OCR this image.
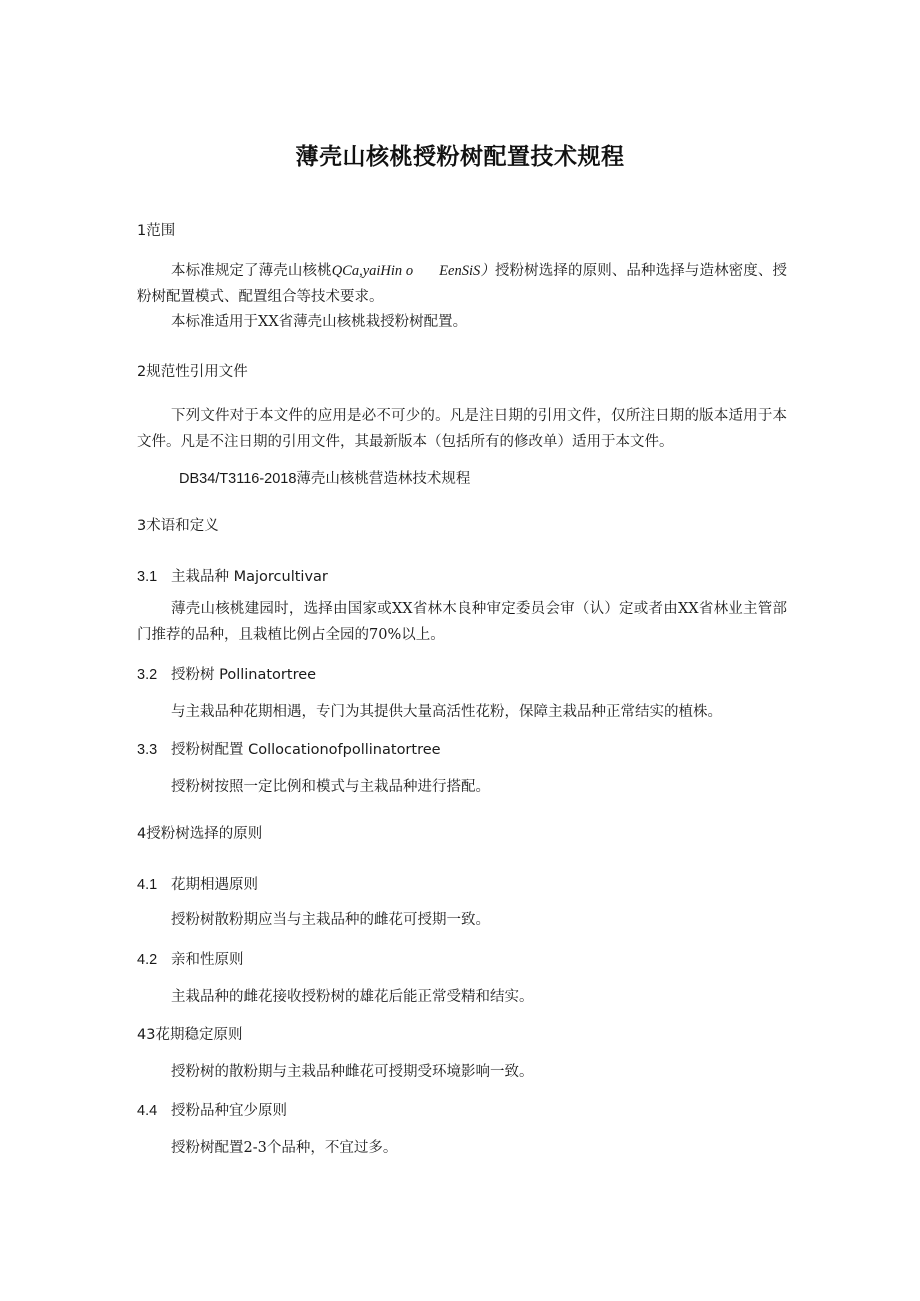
薄壳山核桃授粉树配置技术规程
1范围
本标准规定了薄壳山核桃QCa,yaiHin ο EenSiS）授粉树选择的原则、品种选择与造林密度、授粉树配置模式、配置组合等技术要求。
本标准适用于XX省薄壳山核桃栽授粉树配置。
2规范性引用文件
下列文件对于本文件的应用是必不可少的。凡是注日期的引用文件，仅所注日期的版本适用于本文件。凡是不注日期的引用文件，其最新版本（包括所有的修改单）适用于本文件。
DB34/T3116-2018薄壳山核桃营造林技术规程
3术语和定义
3.1 主栽品种 Majorcultivar
薄壳山核桃建园时，选择由国家或XX省林木良种审定委员会审（认）定或者由XX省林业主管部门推荐的品种，且栽植比例占全园的70%以上。
3.2 授粉树 Pollinatortree
与主栽品种花期相遇，专门为其提供大量高活性花粉，保障主栽品种正常结实的植株。
3.3 授粉树配置 Collocationofpollinatortree
授粉树按照一定比例和模式与主栽品种进行搭配。
4授粉树选择的原则
4.1 花期相遇原则
授粉树散粉期应当与主栽品种的雌花可授期一致。
4.2 亲和性原则
主栽品种的雌花接收授粉树的雄花后能正常受精和结实。
43花期稳定原则
授粉树的散粉期与主栽品种雌花可授期受环境影响一致。
4.4 授粉品种宜少原则
授粉树配置2-3个品种，不宜过多。
